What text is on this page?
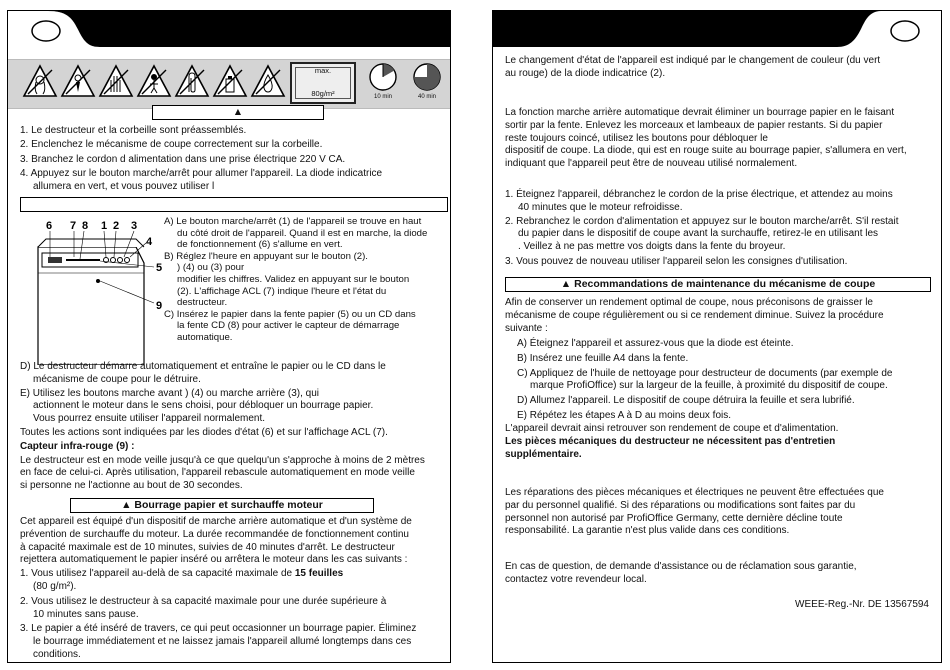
max.
80g/m²	10 min	40 min
▲
1. Le destructeur et la corbeille sont préassemblés.
2. Enclenchez le mécanisme de coupe correctement sur la corbeille.
3. Branchez le cordon d alimentation dans une prise électrique 220 V CA.
4. Appuyez sur le bouton marche/arrêt pour allumer l'appareil. La diode indicatrice
allumera en vert, et vous pouvez utiliser l
6 7 8 1 2 3
4
5
9
A) Le bouton marche/arrêt (1) de l'appareil se trouve en haut
du côté droit de l'appareil. Quand il est en marche, la diode
de fonctionnement (6) s'allume en vert.
B) Réglez l'heure en appuyant sur le bouton (2).
) (4) ou (3) pour
modifier les chiffres. Validez en appuyant sur le bouton
(2). L'affichage ACL (7) indique l'heure et l'état du
destructeur.
C) Insérez le papier dans la fente papier (5) ou un CD dans
la fente CD (8) pour activer le capteur de démarrage
automatique.
D) Le destructeur démarre automatiquement et entraîne le papier ou le CD dans le
mécanisme de coupe pour le détruire.
E) Utilisez les boutons marche avant ) (4) ou marche arrière (3), qui
actionnent le moteur dans le sens choisi, pour débloquer un bourrage papier.
Vous pourrez ensuite utiliser l'appareil normalement.
Toutes les actions sont indiquées par les diodes d'état (6) et sur l'affichage ACL (7).
Capteur infra-rouge (9) :
Le destructeur est en mode veille jusqu'à ce que quelqu'un s'approche à moins de 2 mètres
en face de celui-ci. Après utilisation, l'appareil rebascule automatiquement en mode veille
si personne ne l'actionne au bout de 30 secondes.
▲ Bourrage papier et surchauffe moteur
Cet appareil est équipé d'un dispositif de marche arrière automatique et d'un système de
prévention de surchauffe du moteur. La durée recommandée de fonctionnement continu
à capacité maximale est de 10 minutes, suivies de 40 minutes d'arrêt. Le destructeur
rejettera automatiquement le papier inséré ou arrêtera le moteur dans les cas suivants :
1. Vous utilisez l'appareil au-delà de sa capacité maximale de 15 feuilles
(80 g/m²).
2. Vous utilisez le destructeur à sa capacité maximale pour une durée supérieure à
10 minutes sans pause.
3. Le papier a été inséré de travers, ce qui peut occasionner un bourrage papier. Éliminez
le bourrage immédiatement et ne laissez jamais l'appareil allumé longtemps dans ces
conditions.
Le changement d'état de l'appareil est indiqué par le changement de couleur (du vert
au rouge) de la diode indicatrice (2).
La fonction marche arrière automatique devrait éliminer un bourrage papier en le faisant
sortir par la fente. Enlevez les morceaux et lambeaux de papier restants. Si du papier
reste toujours coincé, utilisez les boutons pour débloquer le
dispositif de coupe. La diode, qui est en rouge suite au bourrage papier, s'allumera en vert,
indiquant que l'appareil peut être de nouveau utilisé normalement.
1. Éteignez l'appareil, débranchez le cordon de la prise électrique, et attendez au moins
40 minutes que le moteur refroidisse.
2. Rebranchez le cordon d'alimentation et appuyez sur le bouton marche/arrêt. S'il restait
du papier dans le dispositif de coupe avant la surchauffe, retirez-le en utilisant les
. Veillez à ne pas mettre vos doigts dans la fente du broyeur.
3. Vous pouvez de nouveau utiliser l'appareil selon les consignes d'utilisation.
▲ Recommandations de maintenance du mécanisme de coupe
Afin de conserver un rendement optimal de coupe, nous préconisons de graisser le
mécanisme de coupe régulièrement ou si ce rendement diminue. Suivez la procédure
suivante :
A) Éteignez l'appareil et assurez-vous que la diode est éteinte.
B) Insérez une feuille A4 dans la fente.
C) Appliquez de l'huile de nettoyage pour destructeur de documents (par exemple de
marque ProfiOffice) sur la largeur de la feuille, à proximité du dispositif de coupe.
D) Allumez l'appareil. Le dispositif de coupe détruira la feuille et sera lubrifié.
E) Répétez les étapes A à D au moins deux fois.
L'appareil devrait ainsi retrouver son rendement de coupe et d'alimentation.
Les pièces mécaniques du destructeur ne nécessitent pas d'entretien
supplémentaire.
Les réparations des pièces mécaniques et électriques ne peuvent être effectuées que
par du personnel qualifié. Si des réparations ou modifications sont faites par du
personnel non autorisé par ProfiOffice Germany, cette dernière décline toute
responsabilité. La garantie n'est plus valide dans ces conditions.
En cas de question, de demande d'assistance ou de réclamation sous garantie,
contactez votre revendeur local.
WEEE-Reg.-Nr. DE 13567594
